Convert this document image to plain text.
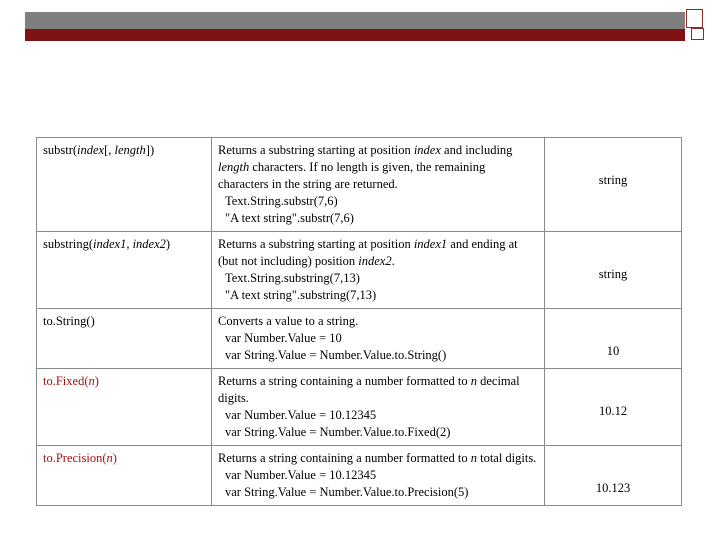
substr(index[, length])	Returns a substring starting at position index and including length characters. If no length is given, the remaining characters in the string are returned.
Text.String.substr(7,6)
"A text string".substr(7,6)	string
substring(index1, index2)	Returns a substring starting at position index1 and ending at (but not including) position index2.
Text.String.substring(7,13)
"A text string".substring(7,13)	string
to.String()	Converts a value to a string.
var Number.Value = 10
var String.Value = Number.Value.to.String()	10
to.Fixed(n)	Returns a string containing a number formatted to n decimal digits.
var Number.Value = 10.12345
var String.Value = Number.Value.to.Fixed(2)	10.12
to.Precision(n)	Returns a string containing a number formatted to n total digits.
var Number.Value = 10.12345
var String.Value = Number.Value.to.Precision(5)	10.123
